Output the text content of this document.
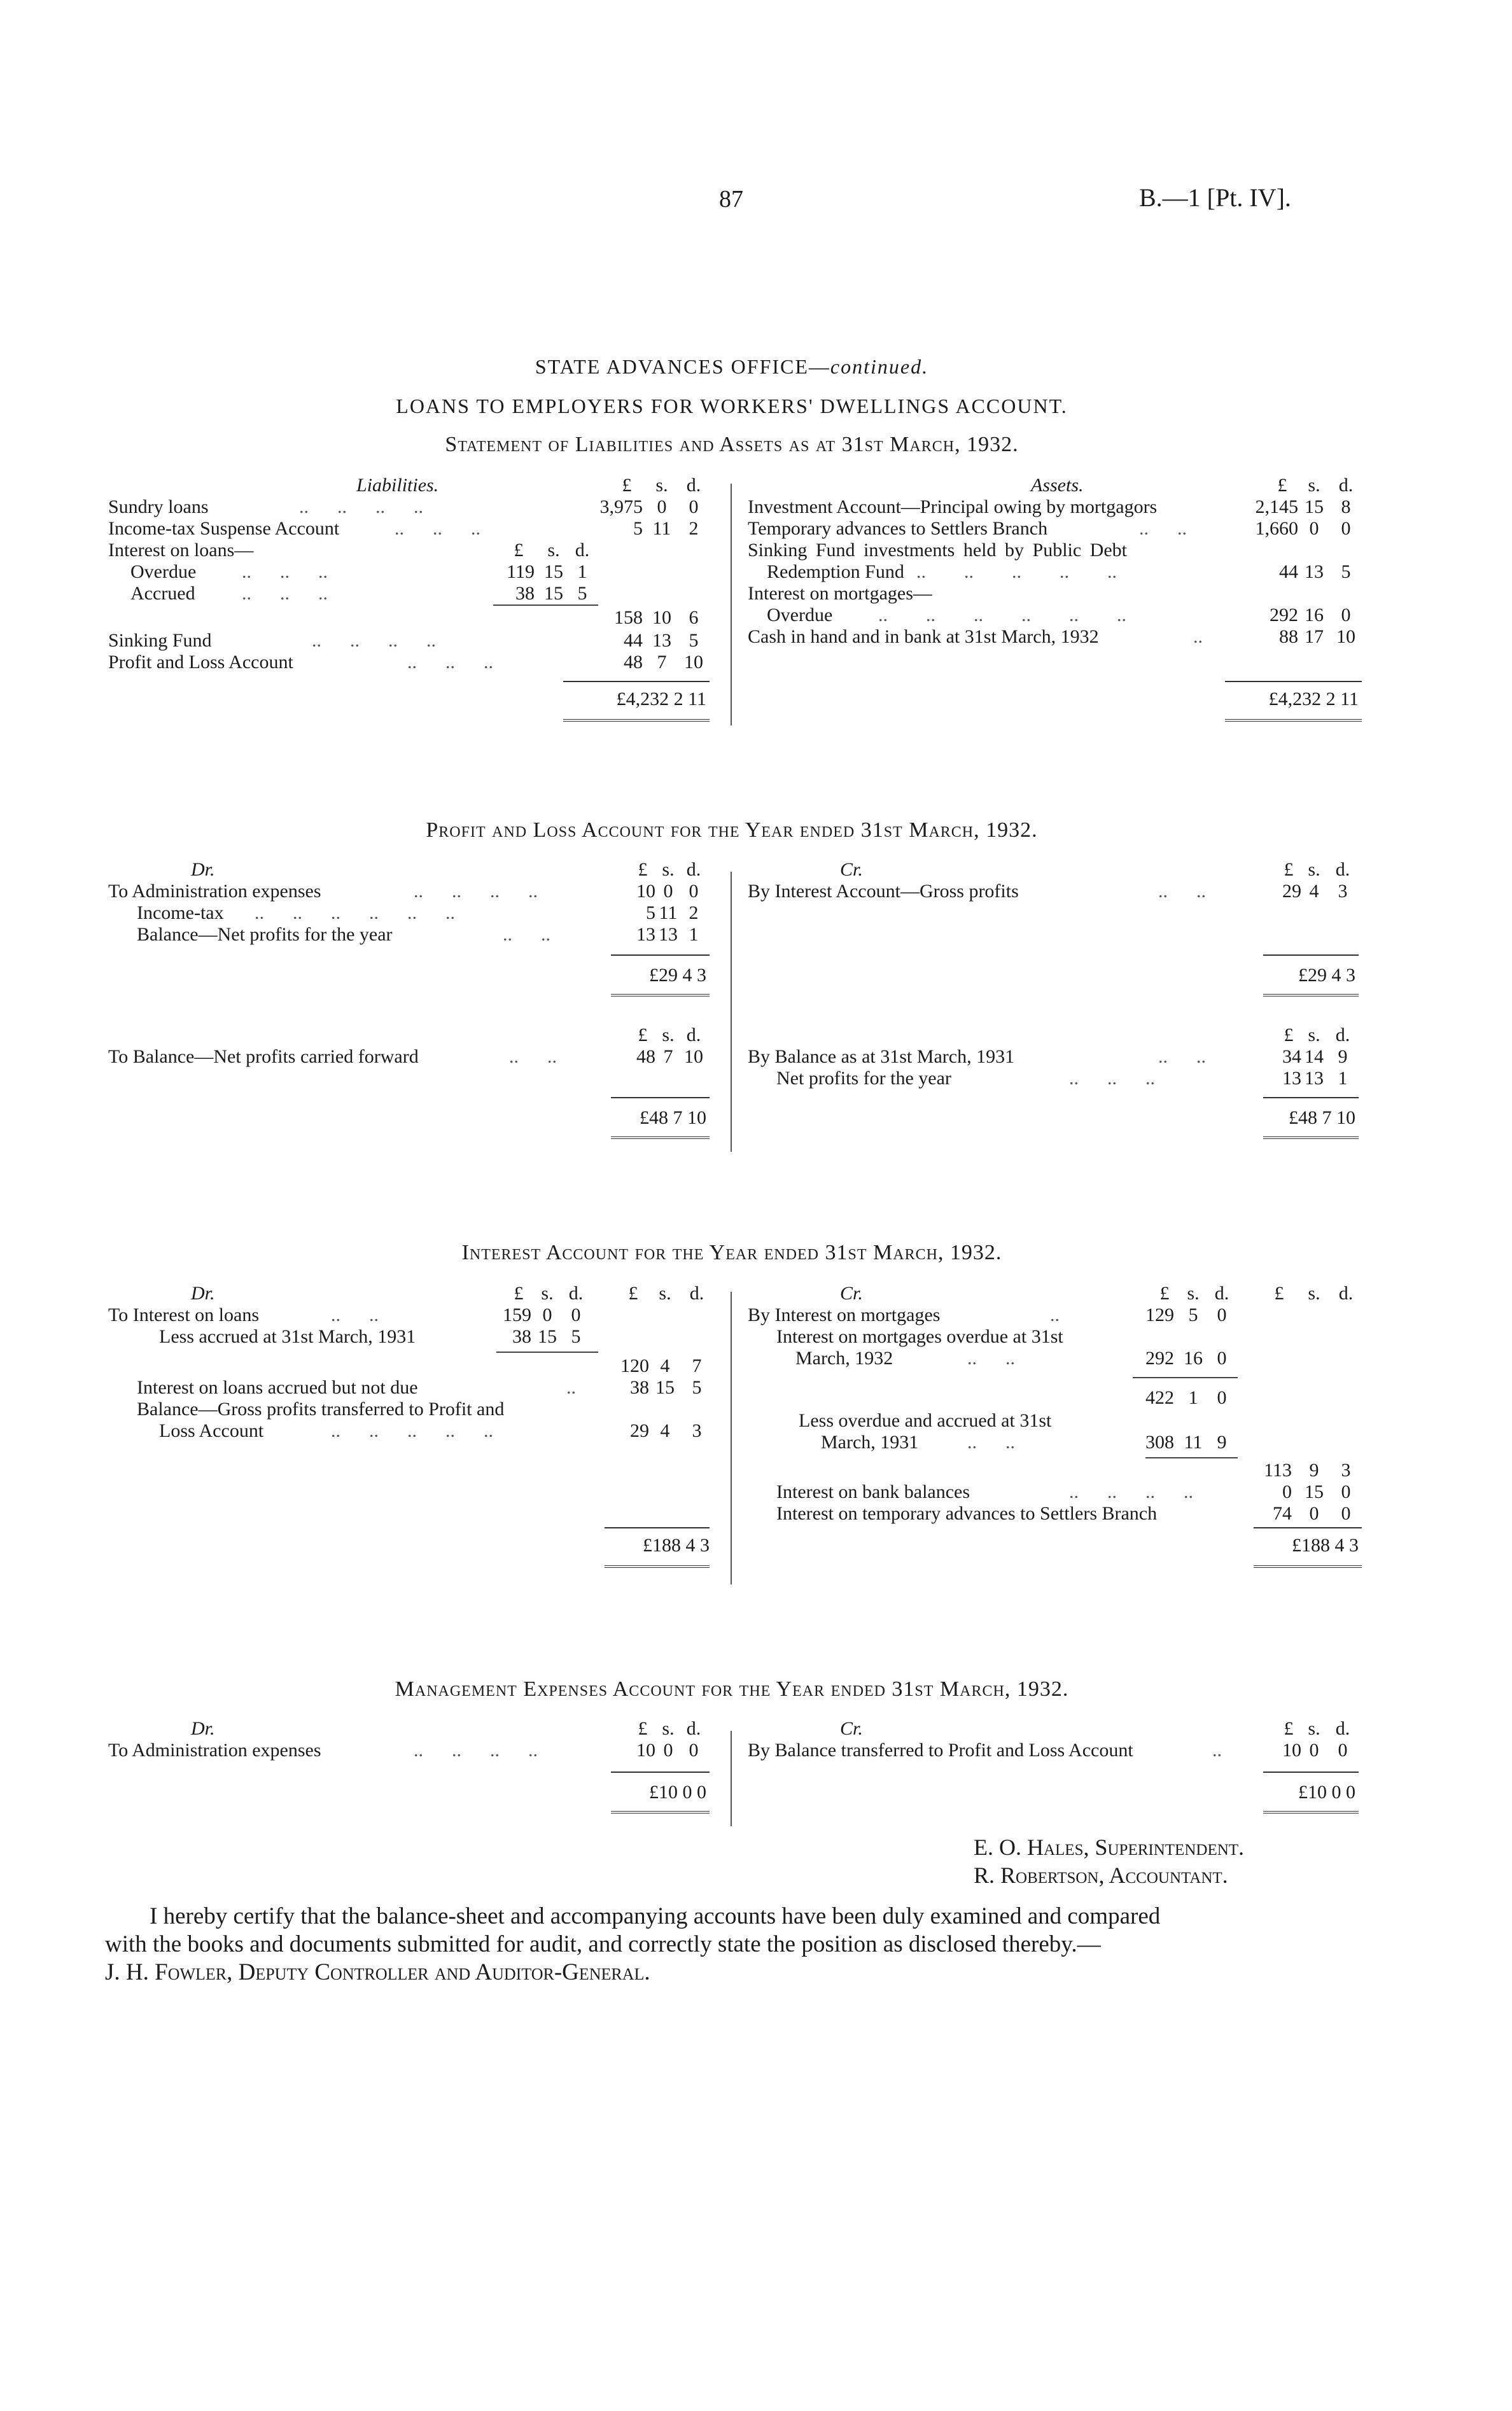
87	B.—1 [Pt. IV].
STATE ADVANCES OFFICE—continued.
LOANS TO EMPLOYERS FOR WORKERS' DWELLINGS ACCOUNT.
Statement of Liabilities and Assets as at 31st March, 1932.
Liabilities.	£	s. d.
Sundry loans	..      ..      ..      ..	3,975 0	0
Income-tax Suspense Account	..      ..      ..	5 11 2
Interest on loans—	£	s. d.
Overdue ..      ..      ..	119 15 1
Accrued ..      ..      ..	38 15 5
158 10 6
Sinking Fund	..      ..      ..      ..	44 13 5
Profit and Loss Account	..      ..      ..	48 7 10
£4,232 2 11
Assets.	£	s. d.
Investment Account—Principal owing by mortgagors	2,145 15 8
Temporary advances to Settlers Branch	..      ..	1,660 0	0
Sinking Fund investments held by Public Debt
Redemption Fund ..        ..        ..        ..        ..	44 13 5
Interest on mortgages—
Overdue ..        ..        ..        ..        ..        ..	292 16 0
Cash in hand and in bank at 31st March, 1932	..	88 17 10
£4,232 2 11
Profit and Loss Account for the Year ended 31st March, 1932.
Dr.	£ s. d.	Cr.	£ s. d.
To Administration expenses	..      ..      ..      ..	10 0 0
Income-tax ..      ..      ..      ..      ..      ..	5 11 2
Balance—Net profits for the year	..      ..	13 13 1
By Interest Account—Gross profits	..      ..	29 4	3
£29 4 3	£29 4 3
£ s. d.	£ s. d.
To Balance—Net profits carried forward	..      ..	48 7 10 By Balance as at 31st March, 1931	..      ..	34 14 9
Net profits for the year	..      ..      ..	13 13 1
£48 7 10	£48 7 10
Interest Account for the Year ended 31st March, 1932.
Dr.	£ s. d.	£	s. d.
To Interest on loans	..      ..	159 0	0
Less accrued at 31st March, 1931	38 15 5
120 4	7
Interest on loans accrued but not due	..	38 15 5
Balance—Gross profits transferred to Profit and
Loss Account	..      ..      ..      ..      ..	29 4	3
£188 4 3
Cr.	£ s. d.	£	s. d.
By Interest on mortgages	..	129 5	0
Interest on mortgages overdue at 31st
March, 1932	..      ..	292 16 0
422 1	0
Less overdue and accrued at 31st
March, 1931	..      ..	308 11 9
113 9	3
Interest on bank balances	..      ..      ..      ..	0 15 0
Interest on temporary advances to Settlers Branch	74 0	0
£188 4 3
Management Expenses Account for the Year ended 31st March, 1932.
Dr.	£ s. d.	Cr.	£ s. d.
To Administration expenses	..      ..      ..      ..	10 0 0	By Balance transferred to Profit and Loss Account	..	10 0	0
£10 0 0	£10 0 0
E. O. Hales, Superintendent.
R. Robertson, Accountant.
I hereby certify that the balance-sheet and accompanying accounts have been duly examined and compared
with the books and documents submitted for audit, and correctly state the position as disclosed thereby.—
J. H. Fowler, Deputy Controller and Auditor-General.
